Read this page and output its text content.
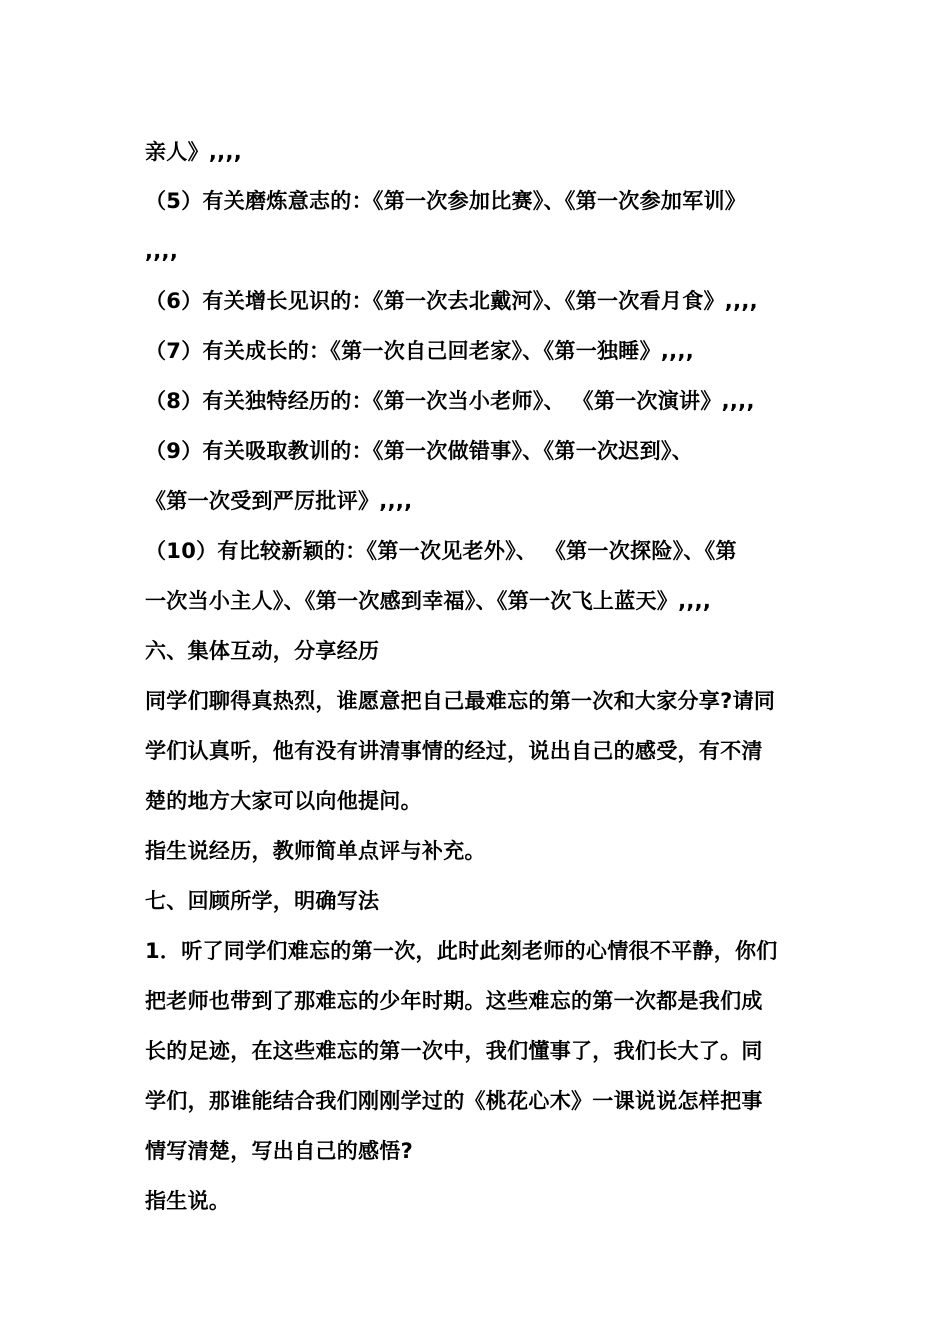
亲人》,,,,
（5）有关磨炼意志的：《第一次参加比赛》、《第一次参加军训》
,,,,
（6）有关增长见识的：《第一次去北戴河》、《第一次看月食》,,,,
（7）有关成长的：《第一次自己回老家》、《第一独睡》,,,,
（8）有关独特经历的：《第一次当小老师》、 《第一次演讲》,,,,
（9）有关吸取教训的：《第一次做错事》、《第一次迟到》、
《第一次受到严厉批评》,,,,
（10）有比较新颖的：《第一次见老外》、 《第一次探险》、《第
一次当小主人》、《第一次感到幸福》、《第一次飞上蓝天》,,,,
六、集体互动，分享经历
同学们聊得真热烈，谁愿意把自己最难忘的第一次和大家分享?请同
学们认真听，他有没有讲清事情的经过，说出自己的感受，有不清
楚的地方大家可以向他提问。
指生说经历，教师简单点评与补充。
七、回顾所学，明确写法
1．听了同学们难忘的第一次，此时此刻老师的心情很不平静，你们
把老师也带到了那难忘的少年时期。这些难忘的第一次都是我们成
长的足迹，在这些难忘的第一次中，我们懂事了，我们长大了。同
学们，那谁能结合我们刚刚学过的《桃花心木》一课说说怎样把事
情写清楚，写出自己的感悟?
指生说。
